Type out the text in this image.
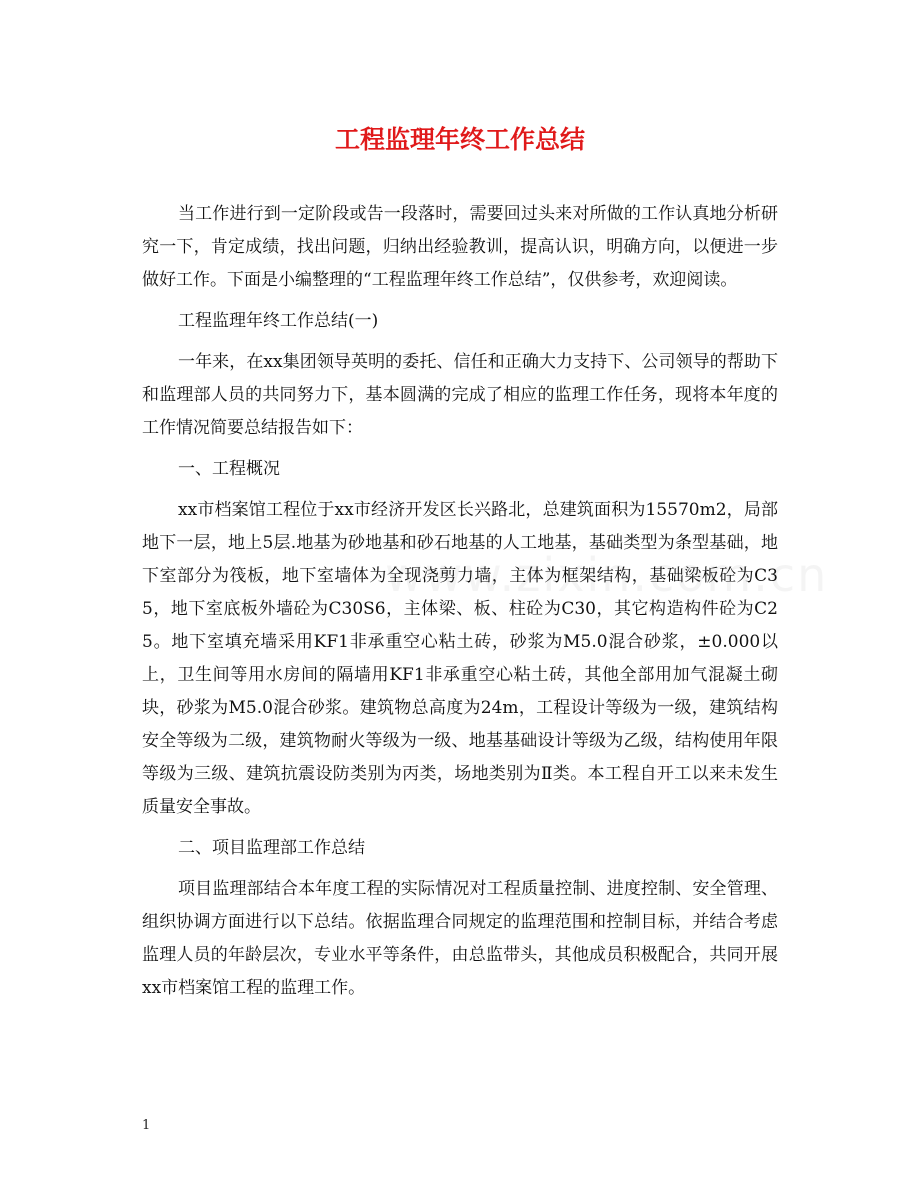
工程监理年终工作总结

当工作进行到一定阶段或告一段落时，需要回过头来对所做的工作认真地分析研究一下，肯定成绩，找出问题，归纳出经验教训，提高认识，明确方向，以便进一步做好工作。下面是小编整理的“工程监理年终工作总结”，仅供参考，欢迎阅读。

工程监理年终工作总结(一)

一年来，在xx集团领导英明的委托、信任和正确大力支持下、公司领导的帮助下和监理部人员的共同努力下，基本圆满的完成了相应的监理工作任务，现将本年度的工作情况简要总结报告如下：

一、工程概况

xx市档案馆工程位于xx市经济开发区长兴路北，总建筑面积为15570m2，局部地下一层，地上5层.地基为砂地基和砂石地基的人工地基，基础类型为条型基础，地下室部分为筏板，地下室墙体为全现浇剪力墙，主体为框架结构，基础梁板砼为C35，地下室底板外墙砼为C30S6，主体梁、板、柱砼为C30，其它构造构件砼为C25。地下室填充墙采用KF1非承重空心粘土砖，砂浆为M5.0混合砂浆，±0.000以上，卫生间等用水房间的隔墙用KF1非承重空心粘土砖，其他全部用加气混凝土砌块，砂浆为M5.0混合砂浆。建筑物总高度为24m，工程设计等级为一级，建筑结构安全等级为二级，建筑物耐火等级为一级、地基基础设计等级为乙级，结构使用年限等级为三级、建筑抗震设防类别为丙类，场地类别为Ⅱ类。本工程自开工以来未发生质量安全事故。

二、项目监理部工作总结

项目监理部结合本年度工程的实际情况对工程质量控制、进度控制、安全管理、组织协调方面进行以下总结。依据监理合同规定的监理范围和控制目标，并结合考虑监理人员的年龄层次，专业水平等条件，由总监带头，其他成员积极配合，共同开展xx市档案馆工程的监理工作。

1
